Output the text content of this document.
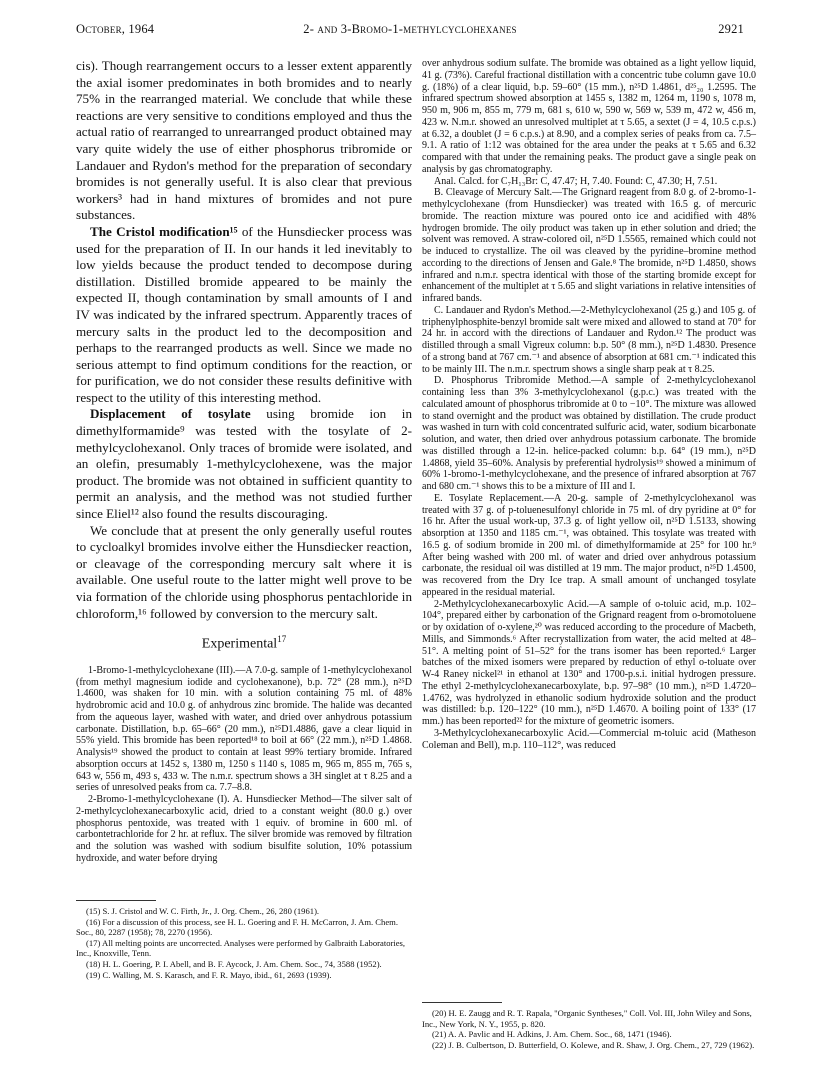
October, 1964	2- and 3-Bromo-1-methylcyclohexanes	2921

cis). Though rearrangement occurs to a lesser extent apparently the axial isomer predominates in both bromides and to nearly 75% in the rearranged material. We conclude that while these reactions are very sensitive to conditions employed and thus the actual ratio of rearranged to unrearranged product obtained may vary quite widely the use of either phosphorus tribromide or Landauer and Rydon's method for the preparation of secondary bromides is not generally useful. It is also clear that previous workers³ had in hand mixtures of bromides and not pure substances.

The Cristol modification¹⁵ of the Hunsdiecker process was used for the preparation of II. In our hands it led inevitably to low yields because the product tended to decompose during distillation. Distilled bromide appeared to be mainly the expected II, though contamination by small amounts of I and IV was indicated by the infrared spectrum. Apparently traces of mercury salts in the product led to the decomposition and perhaps to the rearranged products as well. Since we made no serious attempt to find optimum conditions for the reaction, or for purification, we do not consider these results definitive with respect to the utility of this interesting method.

Displacement of tosylate using bromide ion in dimethylformamide⁹ was tested with the tosylate of 2-methylcyclohexanol. Only traces of bromide were isolated, and an olefin, presumably 1-methylcyclohexene, was the major product. The bromide was not obtained in sufficient quantity to permit an analysis, and the method was not studied further since Eliel¹² also found the results discouraging.

We conclude that at present the only generally useful routes to cycloalkyl bromides involve either the Hunsdiecker reaction, or cleavage of the corresponding mercury salt where it is available. One useful route to the latter might well prove to be via formation of the chloride using phosphorus pentachloride in chloroform,¹⁶ followed by conversion to the mercury salt.

Experimental$^{17}$

1-Bromo-1-methylcyclohexane (III).—A 7.0-g. sample of 1-methylcyclohexanol (from methyl magnesium iodide and cyclohexanone), b.p. 72° (28 mm.), n²⁵D 1.4600, was shaken for 10 min. with a solution containing 75 ml. of 48% hydrobromic acid and 10.0 g. of anhydrous zinc bromide. The halide was decanted from the aqueous layer, washed with water, and dried over anhydrous potassium carbonate. Distillation, b.p. 65–66° (20 mm.), n²⁵D1.4886, gave a clear liquid in 55% yield. This bromide has been reported¹⁸ to boil at 66° (22 mm.), n²⁵D 1.4868. Analysis¹⁹ showed the product to contain at least 99% tertiary bromide. Infrared absorption occurs at 1452 s, 1380 m, 1250 s 1140 s, 1085 m, 965 m, 855 m, 765 s, 643 w, 556 m, 493 s, 433 w. The n.m.r. spectrum shows a 3H singlet at τ 8.25 and a series of unresolved peaks from ca. 7.7–8.8.

2-Bromo-1-methylcyclohexane (I). A. Hunsdiecker Method—The silver salt of 2-methylcyclohexanecarboxylic acid, dried to a constant weight (80.0 g.) over phosphorus pentoxide, was treated with 1 equiv. of bromine in 600 ml. of carbontetrachloride for 2 hr. at reflux. The silver bromide was removed by filtration and the solution was washed with sodium bisulfite solution, 10% potassium hydroxide, and water before drying

(15) S. J. Cristol and W. C. Firth, Jr., J. Org. Chem., 26, 280 (1961).

(16) For a discussion of this process, see H. L. Goering and F. H. McCarron, J. Am. Chem. Soc., 80, 2287 (1958); 78, 2270 (1956).

(17) All melting points are uncorrected. Analyses were performed by Galbraith Laboratories, Inc., Knoxville, Tenn.

(18) H. L. Goering, P. I. Abell, and B. F. Aycock, J. Am. Chem. Soc., 74, 3588 (1952).

(19) C. Walling, M. S. Karasch, and F. R. Mayo, ibid., 61, 2693 (1939).

over anhydrous sodium sulfate. The bromide was obtained as a light yellow liquid, 41 g. (73%). Careful fractional distillation with a concentric tube column gave 10.0 g. (18%) of a clear liquid, b.p. 59–60° (15 mm.), n²⁵D 1.4861, d²⁵₂₀ 1.2595. The infrared spectrum showed absorption at 1455 s, 1382 m, 1264 m, 1190 s, 1078 m, 950 m, 906 m, 855 m, 779 m, 681 s, 610 w, 590 w, 569 w, 539 m, 472 w, 456 m, 423 w. N.m.r. showed an unresolved multiplet at τ 5.65, a sextet (J = 4, 10.5 c.p.s.) at 6.32, a doublet (J = 6 c.p.s.) at 8.90, and a complex series of peaks from ca. 7.5–9.1. A ratio of 1:12 was obtained for the area under the peaks at τ 5.65 and 6.32 compared with that under the remaining peaks. The product gave a single peak on analysis by gas chromatography.

Anal. Calcd. for C₇H₁₃Br: C, 47.47; H, 7.40. Found: C, 47.30; H, 7.51.

B. Cleavage of Mercury Salt.—The Grignard reagent from 8.0 g. of 2-bromo-1-methylcyclohexane (from Hunsdiecker) was treated with 16.5 g. of mercuric bromide. The reaction mixture was poured onto ice and acidified with 48% hydrogen bromide. The oily product was taken up in ether solution and dried; the solvent was removed. A straw-colored oil, n²⁵D 1.5565, remained which could not be induced to crystallize. The oil was cleaved by the pyridine–bromine method according to the directions of Jensen and Gale.⁸ The bromide, n²⁵D 1.4850, shows infrared and n.m.r. spectra identical with those of the starting bromide except for enhancement of the multiplet at τ 5.65 and slight variations in relative intensities of infrared bands.

C. Landauer and Rydon's Method.—2-Methylcyclohexanol (25 g.) and 105 g. of triphenylphosphite-benzyl bromide salt were mixed and allowed to stand at 70° for 24 hr. in accord with the directions of Landauer and Rydon.¹² The product was distilled through a small Vigreux column: b.p. 50° (8 mm.), n²⁵D 1.4830. Presence of a strong band at 767 cm.⁻¹ and absence of absorption at 681 cm.⁻¹ indicated this to be mainly III. The n.m.r. spectrum shows a single sharp peak at τ 8.25.

D. Phosphorus Tribromide Method.—A sample of 2-methylcyclohexanol containing less than 3% 3-methylcyclohexanol (g.p.c.) was treated with the calculated amount of phosphorus tribromide at 0 to −10°. The mixture was allowed to stand overnight and the product was obtained by distillation. The crude product was washed in turn with cold concentrated sulfuric acid, water, sodium bicarbonate solution, and water, then dried over anhydrous potassium carbonate. The bromide was distilled through a 12-in. helice-packed column: b.p. 64° (19 mm.), n²⁵D 1.4868, yield 35–60%. Analysis by preferential hydrolysis¹⁹ showed a minimum of 60% 1-bromo-1-methylcyclohexane, and the presence of infrared absorption at 767 and 680 cm.⁻¹ shows this to be a mixture of III and I.

E. Tosylate Replacement.—A 20-g. sample of 2-methylcyclohexanol was treated with 37 g. of p-toluenesulfonyl chloride in 75 ml. of dry pyridine at 0° for 16 hr. After the usual work-up, 37.3 g. of light yellow oil, n²⁵D 1.5133, showing absorption at 1350 and 1185 cm.⁻¹, was obtained. This tosylate was treated with 16.5 g. of sodium bromide in 200 ml. of dimethylformamide at 25° for 100 hr.⁹ After being washed with 200 ml. of water and dried over anhydrous potassium carbonate, the residual oil was distilled at 19 mm. The major product, n²⁵D 1.4500, was recovered from the Dry Ice trap. A small amount of unchanged tosylate appeared in the residual material.

2-Methylcyclohexanecarboxylic Acid.—A sample of o-toluic acid, m.p. 102–104°, prepared either by carbonation of the Grignard reagent from o-bromotoluene or by oxidation of o-xylene,²⁰ was reduced according to the procedure of Macbeth, Mills, and Simmonds.⁶ After recrystallization from water, the acid melted at 48–51°. A melting point of 51–52° for the trans isomer has been reported.⁶ Larger batches of the mixed isomers were prepared by reduction of ethyl o-toluate over W-4 Raney nickel²¹ in ethanol at 130° and 1700-p.s.i. initial hydrogen pressure. The ethyl 2-methylcyclohexanecarboxylate, b.p. 97–98° (10 mm.), n²⁵D 1.4720–1.4762, was hydrolyzed in ethanolic sodium hydroxide solution and the product was distilled: b.p. 120–122° (10 mm.), n²⁵D 1.4670. A boiling point of 133° (17 mm.) has been reported²² for the mixture of geometric isomers.

3-Methylcyclohexanecarboxylic Acid.—Commercial m-toluic acid (Matheson Coleman and Bell), m.p. 110–112°, was reduced

(20) H. E. Zaugg and R. T. Rapala, "Organic Syntheses," Coll. Vol. III, John Wiley and Sons, Inc., New York, N. Y., 1955, p. 820.

(21) A. A. Pavlic and H. Adkins, J. Am. Chem. Soc., 68, 1471 (1946).

(22) J. B. Culbertson, D. Butterfield, O. Kolewe, and R. Shaw, J. Org. Chem., 27, 729 (1962).
